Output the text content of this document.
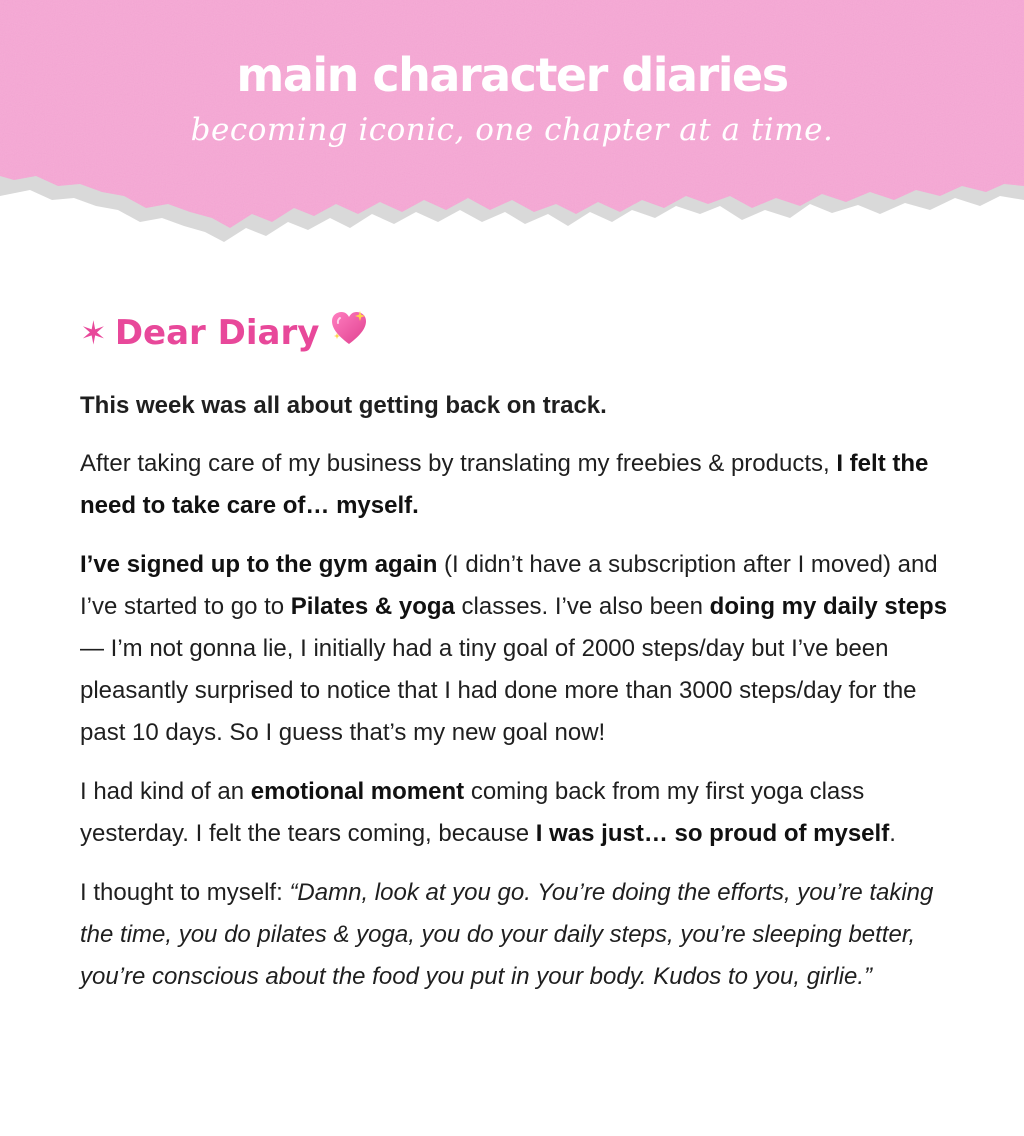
main character diaries
becoming iconic, one chapter at a time.
✶ Dear Diary

This week was all about getting back on track.

After taking care of my business by translating my freebies & products, I felt the need to take care of… myself.

I’ve signed up to the gym again (I didn’t have a subscription after I moved) and I’ve started to go to Pilates & yoga classes. I’ve also been doing my daily steps — I’m not gonna lie, I initially had a tiny goal of 2000 steps/day but I’ve been pleasantly surprised to notice that I had done more than 3000 steps/day for the past 10 days. So I guess that’s my new goal now!

I had kind of an emotional moment coming back from my first yoga class yesterday. I felt the tears coming, because I was just… so proud of myself.

I thought to myself: “Damn, look at you go. You’re doing the efforts, you’re taking the time, you do pilates & yoga, you do your daily steps, you’re sleeping better, you’re conscious about the food you put in your body. Kudos to you, girlie.”
